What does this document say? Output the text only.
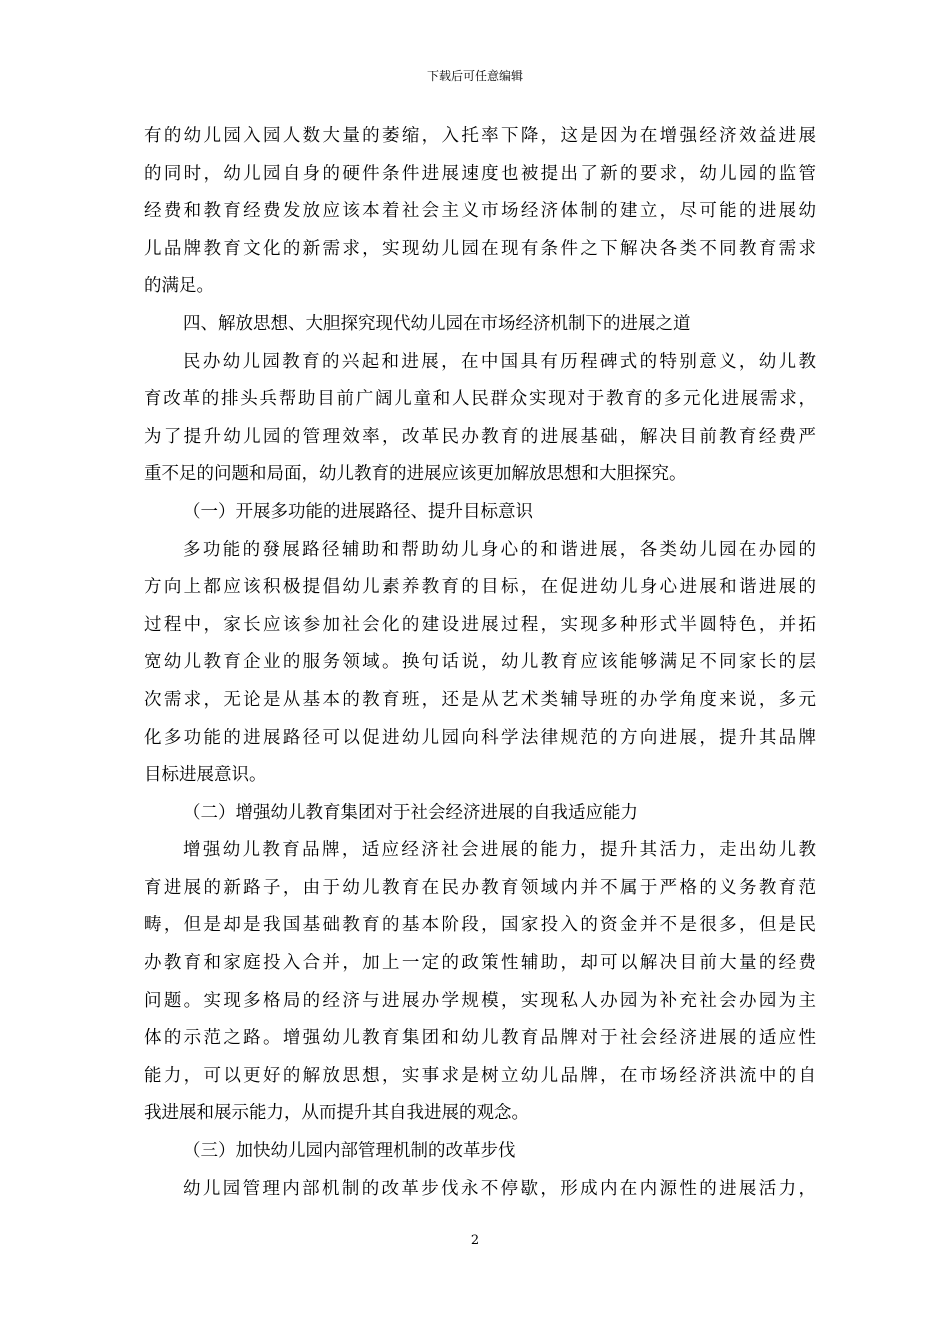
下载后可任意编辑
有的幼儿园入园人数大量的萎缩，入托率下降，这是因为在增强经济效益进展
的同时，幼儿园自身的硬件条件进展速度也被提出了新的要求，幼儿园的监管
经费和教育经费发放应该本着社会主义市场经济体制的建立，尽可能的进展幼
儿品牌教育文化的新需求，实现幼儿园在现有条件之下解决各类不同教育需求
的满足。
四、解放思想、大胆探究现代幼儿园在市场经济机制下的进展之道
民办幼儿园教育的兴起和进展，在中国具有历程碑式的特别意义，幼儿教
育改革的排头兵帮助目前广阔儿童和人民群众实现对于教育的多元化进展需求，
为了提升幼儿园的管理效率，改革民办教育的进展基础，解决目前教育经费严
重不足的问题和局面，幼儿教育的进展应该更加解放思想和大胆探究。
（一）开展多功能的进展路径、提升目标意识
多功能的發展路径辅助和帮助幼儿身心的和谐进展，各类幼儿园在办园的
方向上都应该积极提倡幼儿素养教育的目标，在促进幼儿身心进展和谐进展的
过程中，家长应该参加社会化的建设进展过程，实现多种形式半圆特色，并拓
宽幼儿教育企业的服务领域。换句话说，幼儿教育应该能够满足不同家长的层
次需求，无论是从基本的教育班，还是从艺术类辅导班的办学角度来说，多元
化多功能的进展路径可以促进幼儿园向科学法律规范的方向进展，提升其品牌
目标进展意识。
（二）增强幼儿教育集团对于社会经济进展的自我适应能力
增强幼儿教育品牌，适应经济社会进展的能力，提升其活力，走出幼儿教
育进展的新路子，由于幼儿教育在民办教育领域内并不属于严格的义务教育范
畴，但是却是我国基础教育的基本阶段，国家投入的资金并不是很多，但是民
办教育和家庭投入合并，加上一定的政策性辅助，却可以解决目前大量的经费
问题。实现多格局的经济与进展办学规模，实现私人办园为补充社会办园为主
体的示范之路。增强幼儿教育集团和幼儿教育品牌对于社会经济进展的适应性
能力，可以更好的解放思想，实事求是树立幼儿品牌，在市场经济洪流中的自
我进展和展示能力，从而提升其自我进展的观念。
（三）加快幼儿园内部管理机制的改革步伐
幼儿园管理内部机制的改革步伐永不停歇，形成内在内源性的进展活力，
2
